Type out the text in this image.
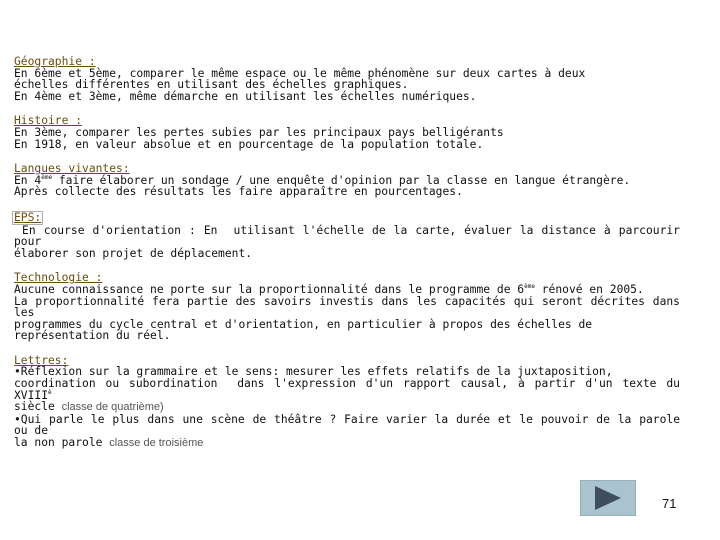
Géographie :
En 6ème et 5ème, comparer le même espace ou le même phénomène sur deux cartes à deux
échelles différentes en utilisant des échelles graphiques.
En 4ème et 3ème, même démarche en utilisant les échelles numériques.
Histoire :
En 3ème, comparer les pertes subies par les principaux pays belligérants
En 1918, en valeur absolue et en pourcentage de la population totale.
Langues vivantes:
En 4ème faire élaborer un sondage / une enquête d'opinion par la classe en langue étrangère.
Après collecte des résultats les faire apparaître en pourcentages.
EPS:
En course d'orientation : En  utilisant l'échelle de la carte, évaluer la distance à parcourir pour
élaborer son projet de déplacement.
Technologie :
Aucune connaissance ne porte sur la proportionnalité dans le programme de 6ème rénové en 2005.
La proportionnalité fera partie des savoirs investis dans les capacités qui seront décrites dans les
programmes du cycle central et d'orientation, en particulier à propos des échelles de
représentation du réel.
Lettres:
•Réflexion sur la grammaire et le sens: mesurer les effets relatifs de la juxtaposition,
coordination ou subordination  dans l'expression d'un rapport causal, à partir d'un texte du $XVIII^è$
siècle classe de quatrième)
•Qui parle le plus dans une scène de théâtre ? Faire varier la durée et le pouvoir de la parole ou de
la non parole classe de troisième
71
